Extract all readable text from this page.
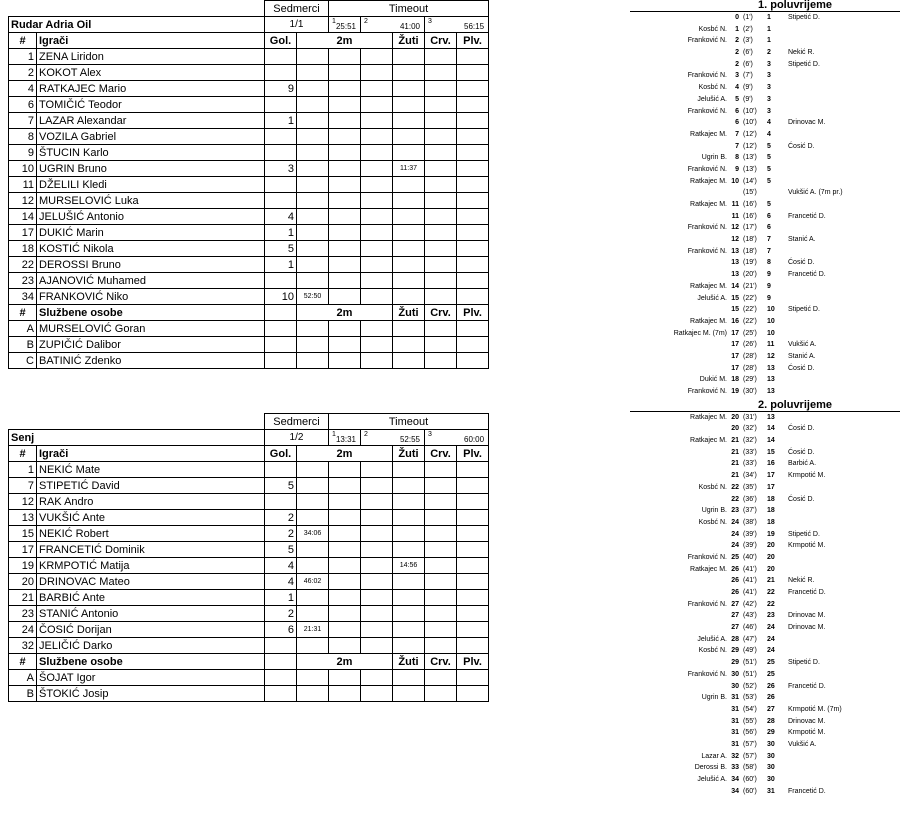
		Sedmerci		Timeout				
Rudar Adria Oil		1/1		1
25:51	2
41:00		3
56:15	

#	Igrači	Gol.	2m			Žuti	Crv.	Plv.
1	ZENA Liridon							
2	KOKOT Alex							
4	RATKAJEC Mario	9						
6	TOMIČIĆ Teodor							
7	LAZAR Alexandar	1						
8	VOZILA Gabriel							
9	ŠTUCIN Karlo							
10	UGRIN Bruno	3				11:37		
11	DŽELILI Kledi							
12	MURSELOVIĆ Luka							
14	JELUŠIĆ Antonio	4						
17	DUKIĆ Marin	1						
18	KOSTIĆ Nikola	5						
22	DEROSSI Bruno	1						
23	AJANOVIĆ Muhamed							
34	FRANKOVIĆ Niko	10	52:50					
#	Službene osobe		2m			Žuti	Crv.	Plv.
A	MURSELOVIĆ Goran							
B	ZUPIČIĆ Dalibor							
C	BATINIĆ Zdenko							
		Sedmerci		Timeout				
Senj		1/2		1
13:31	2
52:55		3
60:00	

#	Igrači	Gol.	2m			Žuti	Crv.	Plv.
1	NEKIĆ Mate							
7	STIPETIĆ David	5						
12	RAK Andro							
13	VUKŠIĆ Ante	2						
15	NEKIĆ Robert	2	34:06					
17	FRANCETIĆ Dominik	5						
19	KRMPOTIĆ Matija	4				14:56		
20	DRINOVAC Mateo	4	46:02					
21	BARBIĆ Ante	1						
23	STANIĆ Antonio	2						
24	ČOSIĆ Dorijan	6	21:31					
32	JELIČIĆ Darko							
#	Službene osobe		2m			Žuti	Crv.	Plv.
A	ŠOJAT Igor							
B	ŠTOKIĆ Josip							
1. poluvrijeme
0 (1')	1	Stipetić D.
Kosbć N.	1 (2')	1
Franković N.	2 (3')	1
2 (6')	2	Nekić R.
2 (6')	3	Stipetić D.
Franković N.	3 (7')	3
Kosbć N.	4 (9')	3
Jelušić A.	5 (9')	3
Franković N.	6 (10')	3
6 (10')	4	Drinovac M.
Ratkajec M.	7 (12')	4
7 (12')	5	Ćosić D.
Ugrin B.	8 (13')	5
Franković N.	9 (13')	5
Ratkajec M. 10 (14')	5
(15')	Vukšić A. (7m pr.)
Ratkajec M. 11 (16')	5
11 (16')	6	Francetić D.
Franković N. 12 (17')	6
12 (18')	7	Stanić A.
Franković N. 13 (18')	7
13 (19')	8	Ćosić D.
13 (20')	9	Francetić D.
Ratkajec M. 14 (21')	9
Jelušić A. 15 (22')	9
15 (22')	10	Stipetić D.
Ratkajec M. 16 (22')	10
Ratkajec M. (7m) 17 (25')	10
17 (26')	11	Vukšić A.
17 (28')	12	Stanić A.
17 (28')	13	Ćosić D.
Dukić M. 18 (29')	13
Franković N. 19 (30')	13
2. poluvrijeme
Ratkajec M. 20 (31')	13
20 (32')	14	Ćosić D.
Ratkajec M. 21 (32')	14
21 (33')	15	Ćosić D.
21 (33')	16	Barbić A.
21 (34')	17	Krmpotić M.
Kosbć N. 22 (35')	17
22 (36')	18	Ćosić D.
Ugrin B. 23 (37')	18
Kosbć N. 24 (38')	18
24 (39')	19	Stipetić D.
24 (39')	20	Krmpotić M.
Franković N. 25 (40')	20
Ratkajec M. 26 (41')	20
26 (41')	21	Nekić R.
26 (41')	22	Francetić D.
Franković N. 27 (42')	22
27 (43')	23	Drinovac M.
27 (46')	24	Drinovac M.
Jelušić A. 28 (47')	24
Kosbć N. 29 (49')	24
29 (51')	25	Stipetić D.
Franković N. 30 (51')	25
30 (52')	26	Francetić D.
Ugrin B. 31 (53')	26
31 (54')	27	Krmpotić M. (7m)
31 (55')	28	Drinovac M.
31 (56')	29	Krmpotić M.
31 (57')	30	Vukšić A.
Lazar A. 32 (57')	30
Derossi B. 33 (58')	30
Jelušić A. 34 (60')	30
34 (60')	31	Francetić D.
